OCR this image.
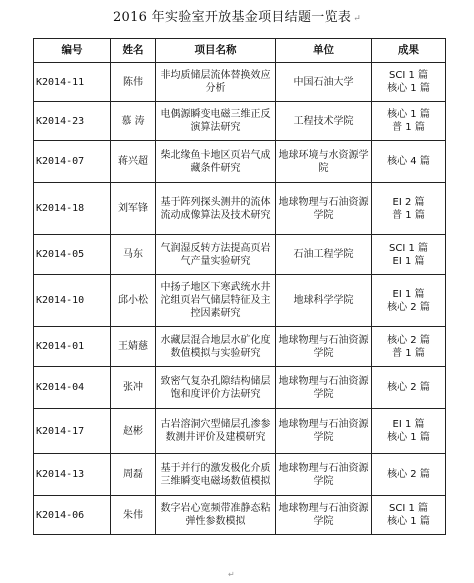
2016 年实验室开放基金项目结题一览表 ↵
编号	姓名	项目名称	单位	成果
K2014-11	陈伟	非均质储层流体替换效应分析	中国石油大学	SCI 1 篇
核心 1 篇

K2014-23	慕 涛	电偶源瞬变电磁三维正反演算法研究	工程技术学院	核心 1 篇
普 1 篇

K2014-07	蒋兴超	柴北缘鱼卡地区页岩气成藏条件研究	地球环境与水资源学院	核心 4 篇

K2014-18	刘军锋	基于阵列探头测井的流体流动成像算法及技术研究	地球物理与石油资源学院	EI 2 篇
普 1 篇

K2014-05	马东	气润湿反转方法提高页岩气产量实验研究	石油工程学院	SCI 1 篇
EI 1 篇

K2014-10	邱小松	中扬子地区下寒武统水井沱组页岩气储层特征及主控因素研究	地球科学学院	EI 1 篇
核心 2 篇

K2014-01	王婧慈	水藏层混合地层水矿化度数值模拟与实验研究	地球物理与石油资源学院	核心 2 篇
普 1 篇

K2014-04	张冲	致密气复杂孔隙结构储层饱和度评价方法研究	地球物理与石油资源学院	核心 2 篇

K2014-17	赵彬	古岩溶洞穴型储层孔渗参数测井评价及建模研究	地球物理与石油资源学院	EI 1 篇
核心 1 篇

K2014-13	周磊	基于并行的激发极化介质三维瞬变电磁场数值模拟	地球物理与石油资源学院	核心 2 篇

K2014-06	朱伟	数字岩心宽频带准静态粘弹性参数模拟	地球物理与石油资源学院	SCI 1 篇
核心 1 篇
↵
